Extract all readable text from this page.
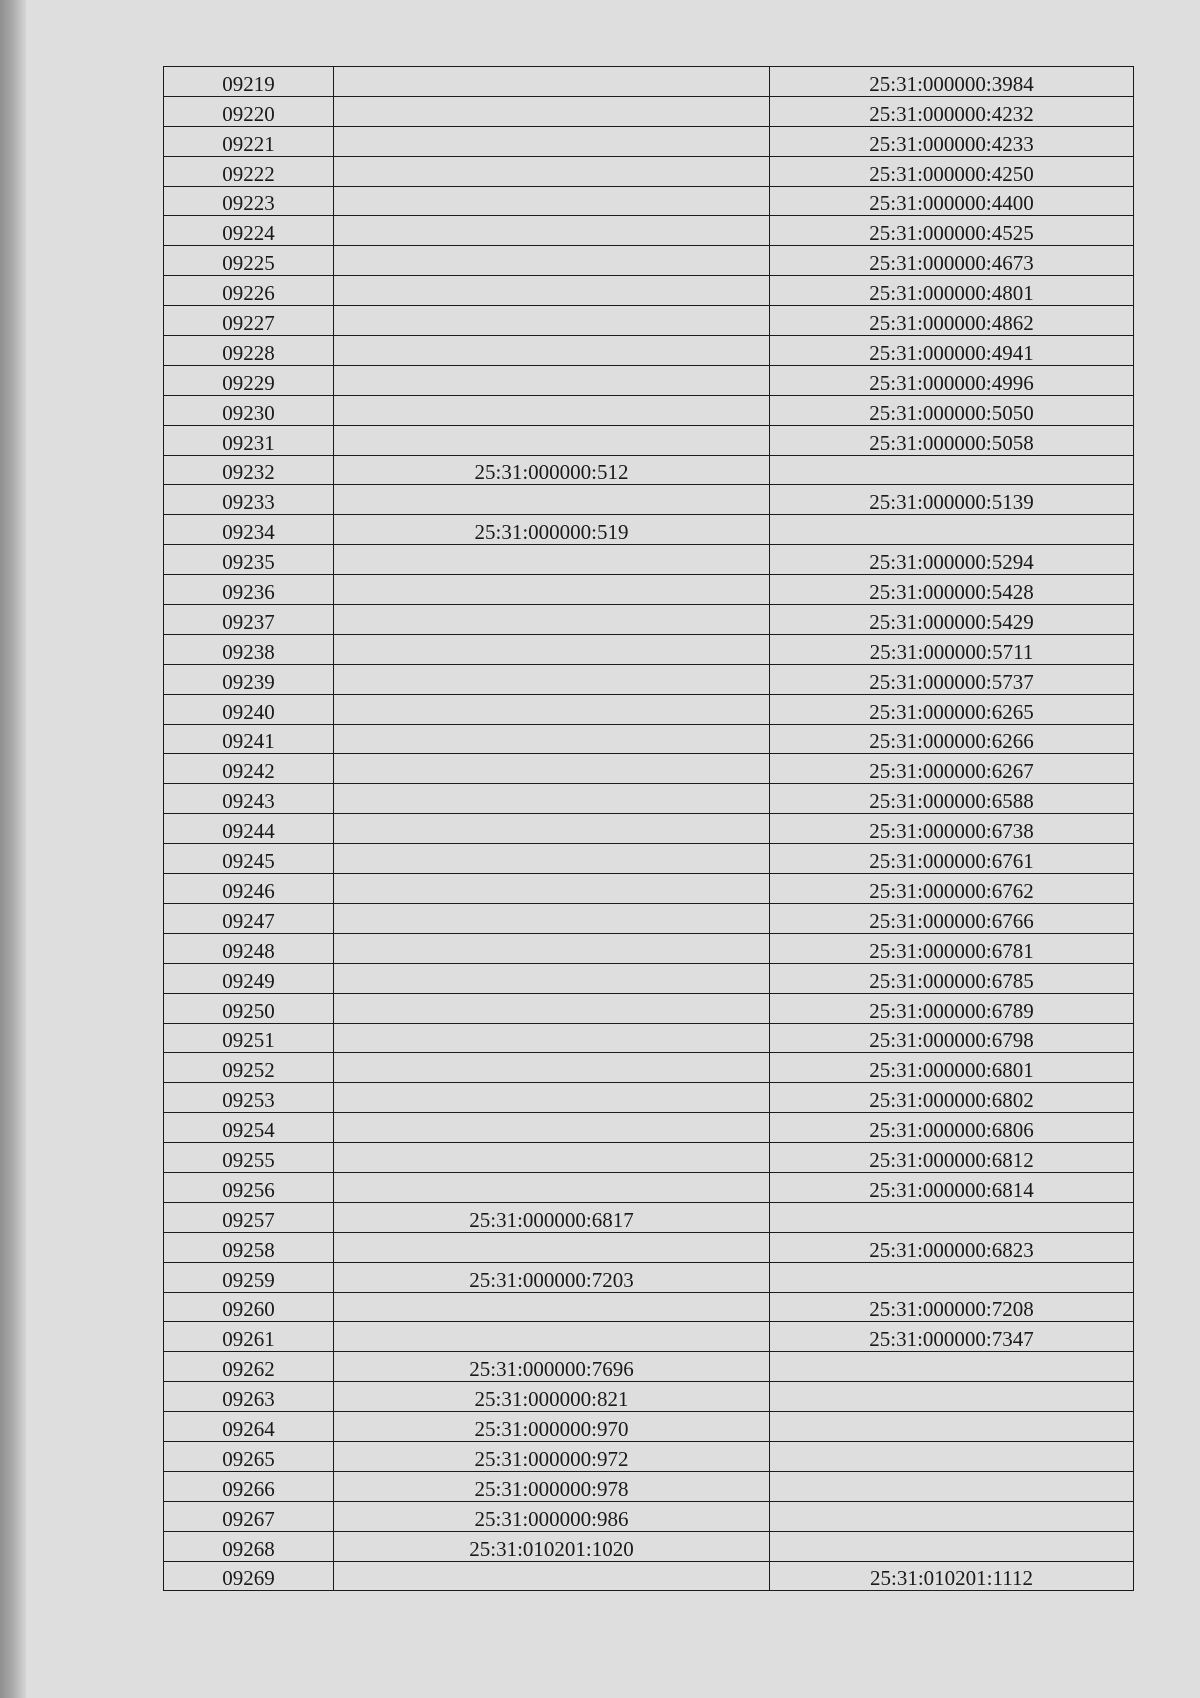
09219		25:31:000000:3984
09220		25:31:000000:4232
09221		25:31:000000:4233
09222		25:31:000000:4250
09223		25:31:000000:4400
09224		25:31:000000:4525
09225		25:31:000000:4673
09226		25:31:000000:4801
09227		25:31:000000:4862
09228		25:31:000000:4941
09229		25:31:000000:4996
09230		25:31:000000:5050
09231		25:31:000000:5058
09232	25:31:000000:512	
09233		25:31:000000:5139
09234	25:31:000000:519	
09235		25:31:000000:5294
09236		25:31:000000:5428
09237		25:31:000000:5429
09238		25:31:000000:5711
09239		25:31:000000:5737
09240		25:31:000000:6265
09241		25:31:000000:6266
09242		25:31:000000:6267
09243		25:31:000000:6588
09244		25:31:000000:6738
09245		25:31:000000:6761
09246		25:31:000000:6762
09247		25:31:000000:6766
09248		25:31:000000:6781
09249		25:31:000000:6785
09250		25:31:000000:6789
09251		25:31:000000:6798
09252		25:31:000000:6801
09253		25:31:000000:6802
09254		25:31:000000:6806
09255		25:31:000000:6812
09256		25:31:000000:6814
09257	25:31:000000:6817	
09258		25:31:000000:6823
09259	25:31:000000:7203	
09260		25:31:000000:7208
09261		25:31:000000:7347
09262	25:31:000000:7696	
09263	25:31:000000:821	
09264	25:31:000000:970	
09265	25:31:000000:972	
09266	25:31:000000:978	
09267	25:31:000000:986	
09268	25:31:010201:1020	
09269		25:31:010201:1112
